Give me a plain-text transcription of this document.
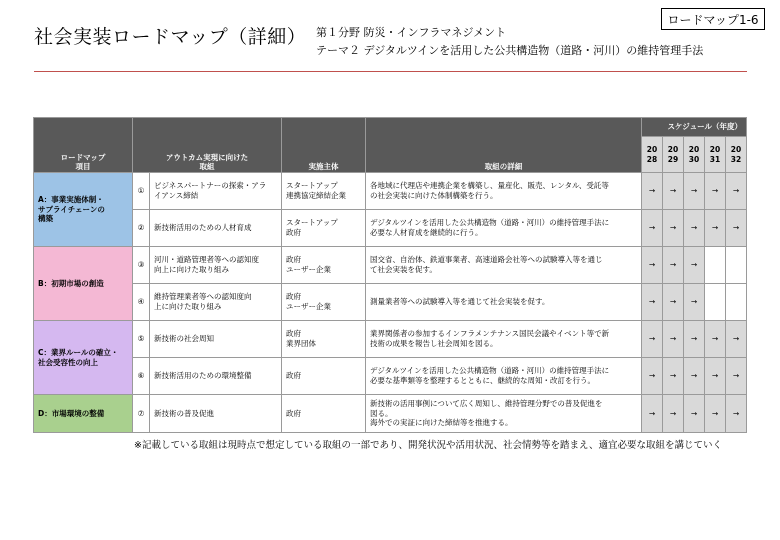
社会実装ロードマップ（詳細） 第１分野 防災・インフラマネジメント
テーマ２ デジタルツインを活用した公共構造物（道路・河川）の維持管理手法
ロードマップ1-6
ロードマップ
項目	アウトカム実現に向けた
取組		実施主体	取組の詳細	スケジュール（年度）				
					20
28	20
29	20
30	20
31	20
32
A：事業実施体制・
サプライチェーンの
構築	①	ビジネスパートナーの探索・アラ
イアンス締結	スタートアップ
連携協定締結企業	各地域に代理店や連携企業を構築し、量産化、販売、レンタル、受託等
の社会実装に向けた体制構築を行う。	→	→	→	→	→
	②	新技術活用のための人材育成	スタートアップ
政府	デジタルツインを活用した公共構造物（道路・河川）の維持管理手法に
必要な人材育成を継続的に行う。	→	→	→	→	→
B：初期市場の創造	③	河川・道路管理者等への認知度
向上に向けた取り組み	政府
ユーザー企業	国交省、自治体、鉄道事業者、高速道路会社等への試験導入等を通じ
て社会実装を促す。	→	→	→		
	④	維持管理業者等への認知度向
上に向けた取り組み	政府
ユーザー企業	測量業者等への試験導入等を通じて社会実装を促す。	→	→	→		
C：業界ルールの確立・
社会受容性の向上	⑤	新技術の社会周知	政府
業界団体	業界関係者の参加するインフラメンテナンス国民会議やイベント等で新
技術の成果を報告し社会周知を図る。	→	→	→	→	→
	⑥	新技術活用のための環境整備	政府	デジタルツインを活用した公共構造物（道路・河川）の維持管理手法に
必要な基準類等を整理するとともに、継続的な周知・改訂を行う。	→	→	→	→	→
D：市場環境の整備	⑦	新技術の普及促進	政府	新技術の活用事例について広く周知し、維持管理分野での普及促進を
図る。
海外での実証に向けた締結等を推進する。	→	→	→	→	→
※記載している取組は現時点で想定している取組の一部であり、開発状況や活用状況、社会情勢等を踏まえ、適宜必要な取組を講じていく
